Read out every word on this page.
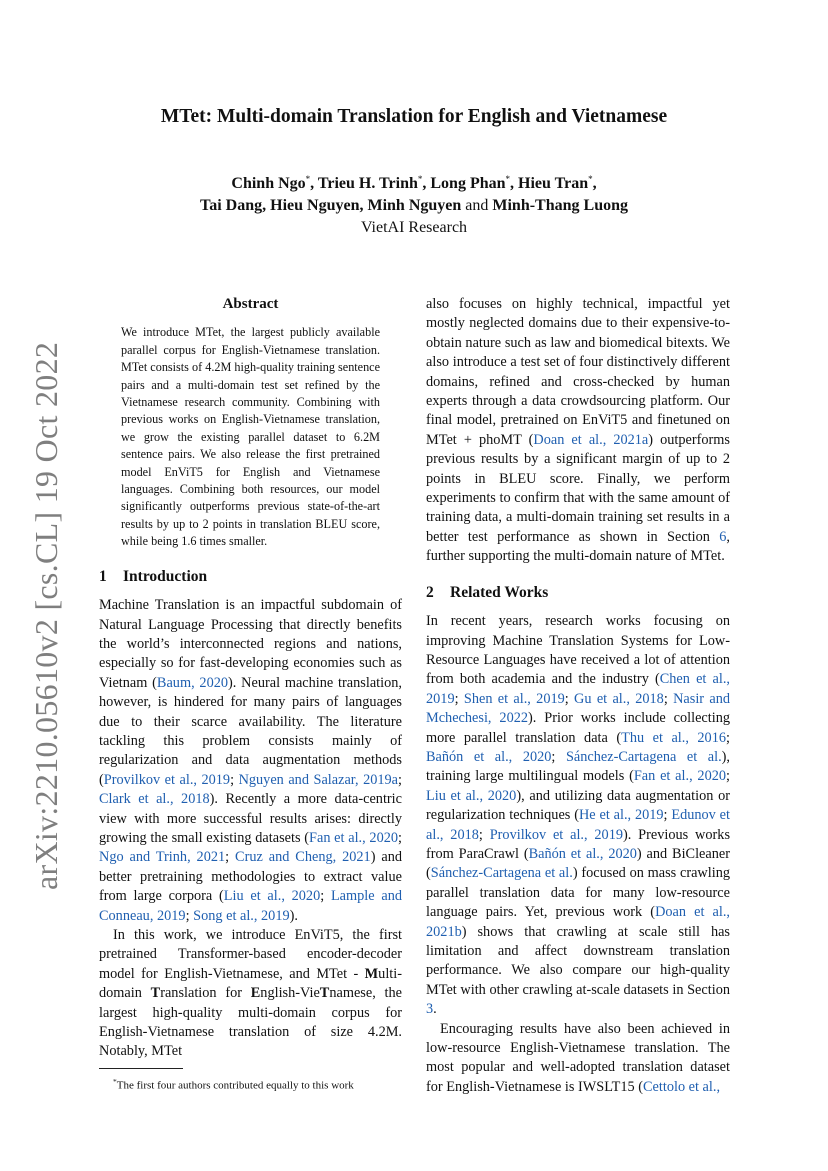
arXiv:2210.05610v2 [cs.CL] 19 Oct 2022
MTet: Multi-domain Translation for English and Vietnamese
Chinh Ngo*, Trieu H. Trinh*, Long Phan*, Hieu Tran*,
Tai Dang, Hieu Nguyen, Minh Nguyen and Minh-Thang Luong
VietAI Research
Abstract

We introduce MTet, the largest publicly available parallel corpus for English-Vietnamese translation. MTet consists of 4.2M high-quality training sentence pairs and a multi-domain test set refined by the Vietnamese research community. Combining with previous works on English-Vietnamese translation, we grow the existing parallel dataset to 6.2M sentence pairs. We also release the first pretrained model EnViT5 for English and Vietnamese languages. Combining both resources, our model significantly outperforms previous state-of-the-art results by up to 2 points in translation BLEU score, while being 1.6 times smaller.

1 Introduction

Machine Translation is an impactful subdomain of Natural Language Processing that directly benefits the world’s interconnected regions and nations, especially so for fast-developing economies such as Vietnam (Baum, 2020). Neural machine translation, however, is hindered for many pairs of languages due to their scarce availability. The literature tackling this problem consists mainly of regularization and data augmentation methods (Provilkov et al., 2019; Nguyen and Salazar, 2019a; Clark et al., 2018). Recently a more data-centric view with more successful results arises: directly growing the small existing datasets (Fan et al., 2020; Ngo and Trinh, 2021; Cruz and Cheng, 2021) and better pretraining methodologies to extract value from large corpora (Liu et al., 2020; Lample and Conneau, 2019; Song et al., 2019).

In this work, we introduce EnViT5, the first pretrained Transformer-based encoder-decoder model for English-Vietnamese, and MTet - Multi-domain Translation for English-VieTnamese, the largest high-quality multi-domain corpus for English-Vietnamese translation of size 4.2M. Notably, MTet

*The first four authors contributed equally to this work

also focuses on highly technical, impactful yet mostly neglected domains due to their expensive-to-obtain nature such as law and biomedical bitexts. We also introduce a test set of four distinctively different domains, refined and cross-checked by human experts through a data crowdsourcing platform. Our final model, pretrained on EnViT5 and finetuned on MTet + phoMT (Doan et al., 2021a) outperforms previous results by a significant margin of up to 2 points in BLEU score. Finally, we perform experiments to confirm that with the same amount of training data, a multi-domain training set results in a better test performance as shown in Section 6, further supporting the multi-domain nature of MTet.

2 Related Works

In recent years, research works focusing on improving Machine Translation Systems for Low-Resource Languages have received a lot of attention from both academia and the industry (Chen et al., 2019; Shen et al., 2019; Gu et al., 2018; Nasir and Mchechesi, 2022). Prior works include collecting more parallel translation data (Thu et al., 2016; Bañón et al., 2020; Sánchez-Cartagena et al.), training large multilingual models (Fan et al., 2020; Liu et al., 2020), and utilizing data augmentation or regularization techniques (He et al., 2019; Edunov et al., 2018; Provilkov et al., 2019). Previous works from ParaCrawl (Bañón et al., 2020) and BiCleaner (Sánchez-Cartagena et al.) focused on mass crawling parallel translation data for many low-resource language pairs. Yet, previous work (Doan et al., 2021b) shows that crawling at scale still has limitation and affect downstream translation performance. We also compare our high-quality MTet with other crawling at-scale datasets in Section 3.

Encouraging results have also been achieved in low-resource English-Vietnamese translation. The most popular and well-adopted translation dataset for English-Vietnamese is IWSLT15 (Cettolo et al.,
